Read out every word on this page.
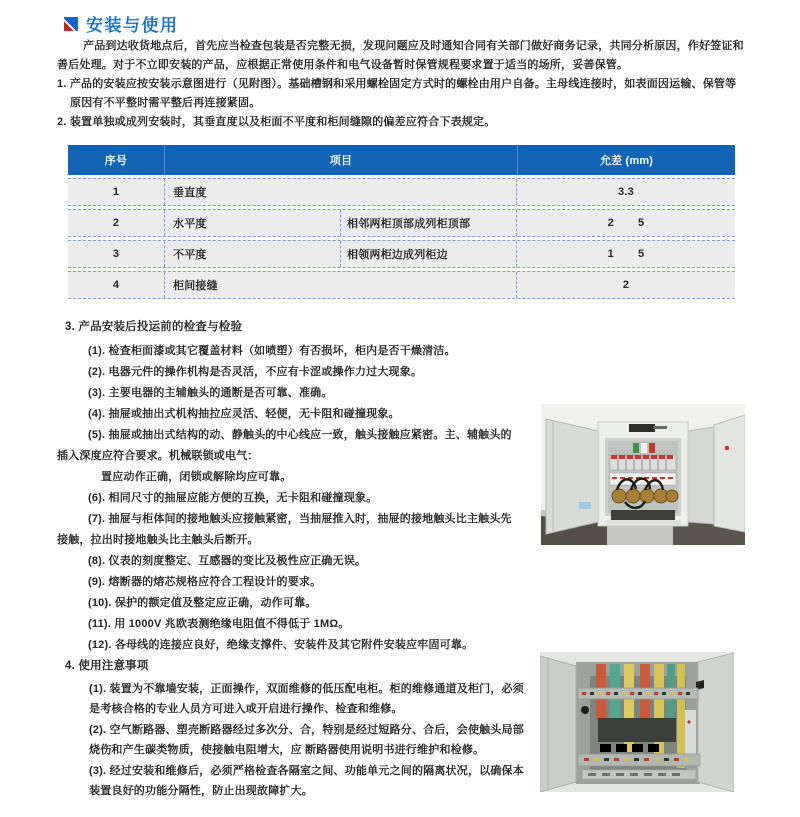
安装与使用

产品到达收货地点后，首先应当检查包装是否完整无损，发现问题应及时通知合同有关部门做好商务记录，共同分析原因，作好签证和善后处理。对于不立即安装的产品，应根据正常使用条件和电气设备暂时保管规程要求置于适当的场所，妥善保管。

1. 产品的安装应按安装示意图进行（见附图）。基础槽钢和采用螺栓固定方式时的螺栓由用户自备。主母线连接时，如表面因运输、保管等原因有不平整时需平整后再连接紧固。

2. 装置单独或成列安装时，其垂直度以及柜面不平度和柜间缝隙的偏差应符合下表规定。

序号	项目	允差 (mm)
1	垂直度	3.3
2	水平度	相邻两柜顶部成列柜顶部	2 5
3	不平度	相领两柜边成列柜边	1 5
4	柜间接缝	2
3. 产品安装后投运前的检查与检验

(1). 检查柜面漆或其它覆盖材料（如喷塑）有否损坏，柜内是否干燥清洁。

(2). 电器元件的操作机构是否灵活，不应有卡涩或操作力过大现象。

(3). 主要电器的主辅触头的通断是否可靠、准确。

(4). 抽屉或抽出式机构抽拉应灵活、轻便，无卡阻和碰撞现象。

(5). 抽屉或抽出式结构的动、静触头的中心线应一致，触头接触应紧密。主、辅触头的插入深度应符合要求。机械联锁或电气：

置应动作正确，闭锁或解除均应可靠。

(6). 相同尺寸的抽屉应能方便的互换，无卡阻和碰撞现象。

(7). 抽屉与柜体间的接地触头应接触紧密，当抽屉推入时，抽屉的接地触头比主触头先接触，拉出时接地触头比主触头后断开。

(8). 仪表的刻度整定、互感器的变比及极性应正确无误。

(9). 熔断器的熔芯规格应符合工程设计的要求。

(10). 保护的额定值及整定应正确，动作可靠。

(11). 用 1000V 兆欧表测绝缘电阻值不得低于 1MΩ。

(12). 各母线的连接应良好，绝缘支撑件、安装件及其它附件安装应牢固可靠。

4. 使用注意事项

(1). 装置为不靠墙安装，正面操作，双面维修的低压配电柜。柜的维修通道及柜门，必须是考核合格的专业人员方可进入或开启进行操作、检查和维修。

(2). 空气断路器、塑壳断路器经过多次分、合，特别是经过短路分、合后，会使触头局部烧伤和产生碳类物质，使接触电阻增大，应 断路器使用说明书进行维护和检修。

(3). 经过安装和维修后，必须严格检查各隔室之间、功能单元之间的隔离状况，以确保本装置良好的功能分隔性，防止出现故障扩大。
